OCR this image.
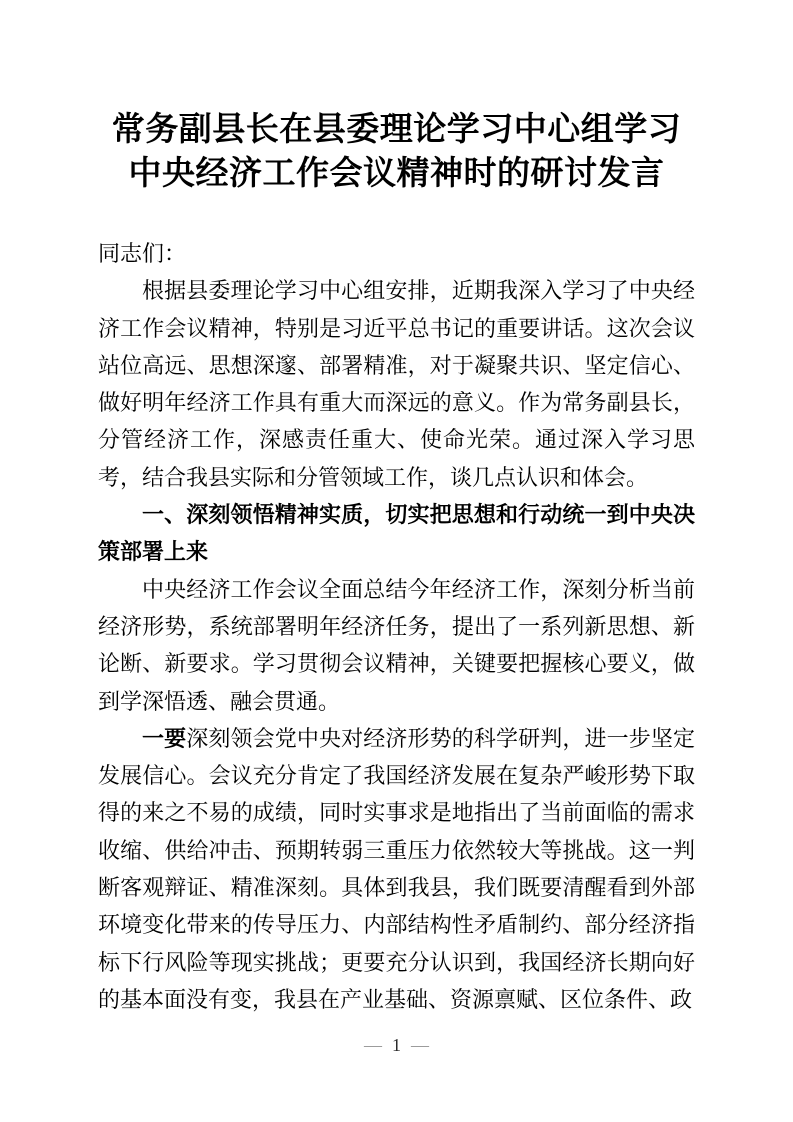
常务副县长在县委理论学习中心组学习中央经济工作会议精神时的研讨发言

同志们：

根据县委理论学习中心组安排，近期我深入学习了中央经济工作会议精神，特别是习近平总书记的重要讲话。这次会议站位高远、思想深邃、部署精准，对于凝聚共识、坚定信心、做好明年经济工作具有重大而深远的意义。作为常务副县长，分管经济工作，深感责任重大、使命光荣。通过深入学习思考，结合我县实际和分管领域工作，谈几点认识和体会。

一、深刻领悟精神实质，切实把思想和行动统一到中央决策部署上来

中央经济工作会议全面总结今年经济工作，深刻分析当前经济形势，系统部署明年经济任务，提出了一系列新思想、新论断、新要求。学习贯彻会议精神，关键要把握核心要义，做到学深悟透、融会贯通。

一要深刻领会党中央对经济形势的科学研判，进一步坚定发展信心。会议充分肯定了我国经济发展在复杂严峻形势下取得的来之不易的成绩，同时实事求是地指出了当前面临的需求收缩、供给冲击、预期转弱三重压力依然较大等挑战。这一判断客观辩证、精准深刻。具体到我县，我们既要清醒看到外部环境变化带来的传导压力、内部结构性矛盾制约、部分经济指标下行风险等现实挑战；更要充分认识到，我国经济长期向好的基本面没有变，我县在产业基础、资源禀赋、区位条件、政

— 1 —
